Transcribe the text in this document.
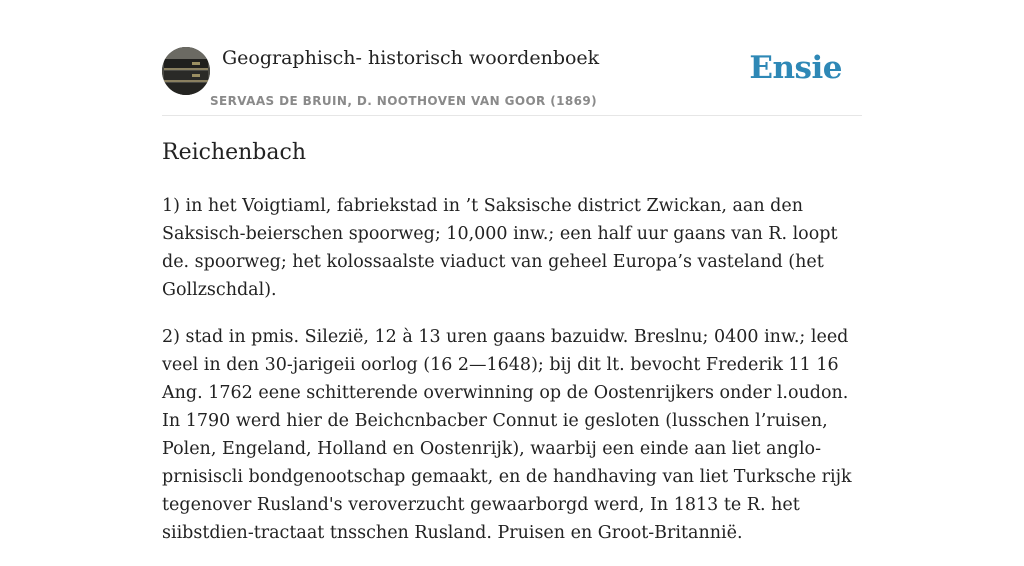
Geographisch- historisch woordenboek
SERVAAS DE BRUIN, D. NOOTHOVEN VAN GOOR (1869)
Ensie
Reichenbach

1) in het Voigtiaml, fabriekstad in ’t Saksische district Zwickan, aan den Saksisch-beierschen spoorweg; 10,000 inw.; een half uur gaans van R. loopt de. spoorweg; het kolossaalste viaduct van geheel Europa’s vasteland (het Gollzschdal).

2) stad in pmis. Silezië, 12 à 13 uren gaans bazuidw. Breslnu; 0400 inw.; leed veel in den 30-jarigeii oorlog (16 2—1648); bij dit lt. bevocht Frederik 11 16 Ang. 1762 eene schitterende overwinning op de Oostenrijkers onder l.oudon. In 1790 werd hier de Beichcnbacber Connut ie gesloten (lusschen l’ruisen, Polen, Engeland, Holland en Oostenrijk), waarbij een einde aan liet anglo-prnisiscli bondgenootschap gemaakt, en de handhaving van liet Turksche rijk tegenover Rusland's veroverzucht gewaarborgd werd, In 1813 te R. het siibstdien-tractaat tnsschen Rusland. Pruisen en Groot-Britannië.
